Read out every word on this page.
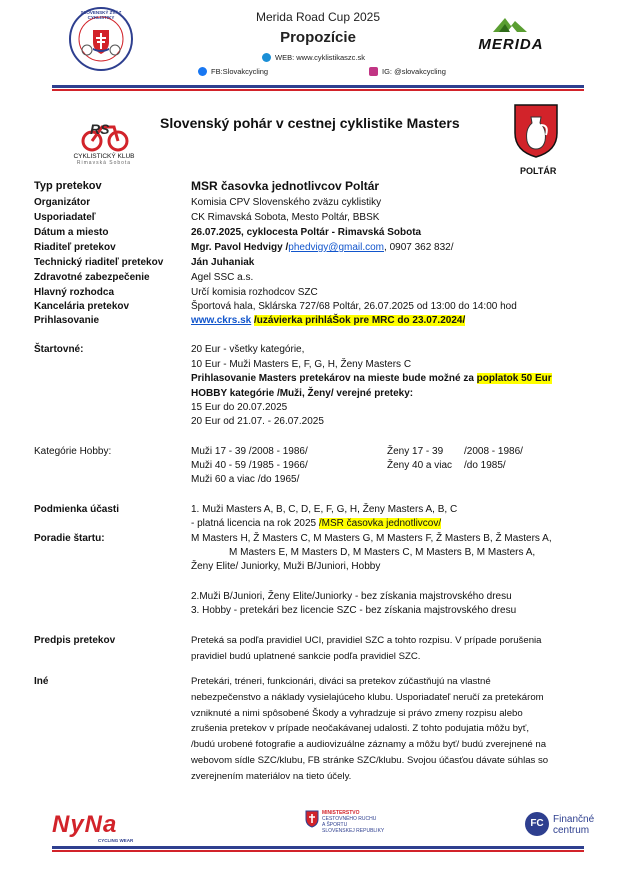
SLOVENSKÝ ZVÄZ CYKLISTIKY	Merida Road Cup 2025
Propozície
WEB: www.cyklistikaszc.sk
FB:Slovakcycling	IG: @slovakcycling
MERIDA
RS
CYKLISTICKÝ KLUB
Rimavská Sobota
Slovenský pohár v cestnej cyklistike Masters
POLTÁR
Typ pretekov	MSR časovka jednotlivcov Poltár
Organizátor	Komisia CPV Slovenského zväzu cyklistiky
Usporiadateľ	CK Rimavská Sobota, Mesto Poltár, BBSK
Dátum a miesto	26.07.2025, cyklocesta Poltár - Rimavská Sobota
Riaditeľ pretekov	Mgr. Pavol Hedvigy /phedvigy@gmail.com, 0907 362 832/
Technický riaditeľ pretekov	Ján Juhaniak
Zdravotné zabezpečenie	Agel SSC a.s.
Hlavný rozhodca	Určí komisia rozhodcov SZC
Kancelária pretekov	Športová hala, Sklárska 727/68 Poltár, 26.07.2025 od 13:00 do 14:00 hod
Prihlasovanie	www.ckrs.sk /uzávierka prihláŠok pre MRC do 23.07.2024/
Štartovné:	20 Eur - všetky kategórie,
10 Eur - Muži Masters E, F, G, H, Ženy Masters C
Prihlasovanie Masters pretekárov na mieste bude možné za poplatok 50 Eur
HOBBY kategórie /Muži, Ženy/ verejné preteky:
15 Eur do 20.07.2025
20 Eur od 21.07. - 26.07.2025
Kategórie Hobby:	Muži 17 - 39 /2008 - 1986/	Ženy 17 - 39 /2008 - 1986/
Muži 40 - 59 /1985 - 1966/	Ženy 40 a viac /do 1985/
Muži 60 a viac /do 1965/
Podmienka účasti	1. Muži Masters A, B, C, D, E, F, G, H, Ženy Masters A, B, C
- platná licencia na rok 2025 /MSR časovka jednotlivcov/
Poradie štartu:	M Masters H, Ž Masters C, M Masters G, M Masters F, Ž Masters B, Ž Masters A,
M Masters E, M Masters D, M Masters C, M Masters B, M Masters A,
Ženy Elite/ Juniorky, Muži B/Juniori, Hobby
2.Muži B/Juniori, Ženy Elite/Juniorky - bez získania majstrovského dresu
3. Hobby - pretekári bez licencie SZC - bez získania majstrovského dresu
Predpis pretekov	Preteká sa podľa pravidiel UCI, pravidiel SZC a tohto rozpisu. V prípade porušenia
pravidiel budú uplatnené sankcie podľa pravidiel SZC.
Iné	Pretekári, tréneri, funkcionári, diváci sa pretekov zúčastňujú na vlastné
nebezpečenstvo a náklady vysielajúceho klubu. Usporiadateľ neručí za pretekárom
vzniknuté a nimi spôsobené Škody a vyhradzuje si právo zmeny rozpisu alebo
zrušenia pretekov v prípade neočakávanej udalosti. Z tohto podujatia môžu byť,
/budú urobené fotografie a audiovizuálne záznamy a môžu byť/ budú zverejnené na
webovom sídle SZC/klubu, FB stránke SZC/klubu. Svojou účasťou dávate súhlas so
zverejnením materiálov na tieto účely.
NyNa
CYCLING WEAR
MINISTERSTVO
CESTOVNÉHO RUCHU
A ŠPORTU
SLOVENSKEJ REPUBLIKY
FC Finančné
centrum
